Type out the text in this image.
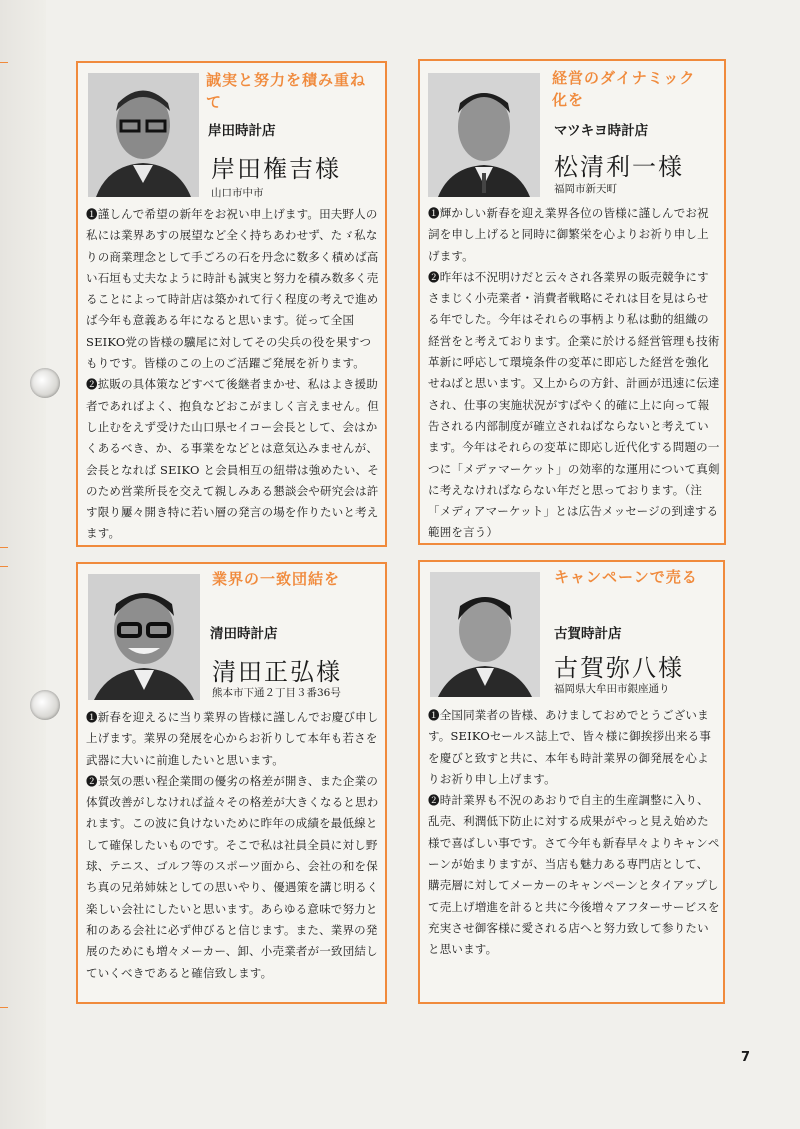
誠実と努力を積み重ね
て
岸田時計店
岸田権吉様
山口市中市

❶謹しんで希望の新年をお祝い申上げます。田夫野人の私には業界あすの展望など全く持ちあわせず、たゞ私なりの商業理念として手ごろの石を丹念に数多く積めば高い石垣も丈夫なように時計も誠実と努力を積み数多く売ることによって時計店は築かれて行く程度の考えで進めば今年も意義ある年になると思います。従って全国SEIKO党の皆様の驥尾に対してその尖兵の役を果すつもりです。皆様のこの上のご活躍ご発展を祈ります。

❷拡販の具体策などすべて後継者まかせ、私はよき援助者であればよく、抱負などおこがましく言えません。但し止むをえず受けた山口県セイコー会長として、会はかくあるべき、か、る事業をなどとは意気込みませんが、会長となれば SEIKO と会員相互の紐帯は強めたい、そのため営業所長を交えて親しみある懇談会や研究会は許す限り屢々開き特に若い層の発言の場を作りたいと考えます。

経営のダイナミック
化を
マツキヨ時計店
松清利一様
福岡市新天町

❶輝かしい新春を迎え業界各位の皆様に謹しんでお祝詞を申し上げると同時に御繁栄を心よりお祈り申し上げます。

❷昨年は不況明けだと云々され各業界の販売競争にすさまじく小売業者・消費者戦略にそれは目を見はらせる年でした。今年はそれらの事柄より私は動的組織の経営をと考えております。企業に於ける経営管理も技術革新に呼応して環境条件の変革に即応した経営を強化せねばと思います。又上からの方針、計画が迅速に伝達され、仕事の実施状況がすばやく的確に上に向って報告される内部制度が確立されねばならないと考えています。今年はそれらの変革に即応し近代化する問題の一つに「メデァマーケット」の効率的な運用について真剣に考えなければならない年だと思っております。（注「メディアマーケット」とは広告メッセージの到達する範囲を言う）

業界の一致団結を
清田時計店
清田正弘様
熊本市下通２丁目３番36号

❶新春を迎えるに当り業界の皆様に謹しんでお慶び申し上げます。業界の発展を心からお祈りして本年も若さを武器に大いに前進したいと思います。

❷景気の悪い程企業間の優劣の格差が開き、また企業の体質改善がしなければ益々その格差が大きくなると思われます。この波に負けないために昨年の成績を最低線として確保したいものです。そこで私は社員全員に対し野球、テニス、ゴルフ等のスポーツ面から、会社の和を保ち真の兄弟姉妹としての思いやり、優遇策を講じ明るく楽しい会社にしたいと思います。あらゆる意味で努力と和のある会社に必ず伸びると信じます。また、業界の発展のためにも増々メーカー、卸、小売業者が一致団結していくべきであると確信致します。

キャンペーンで売る
古賀時計店
古賀弥八様
福岡県大牟田市銀座通り

❶全国同業者の皆様、あけましておめでとうございます。SEIKOセールス誌上で、皆々様に御挨拶出来る事を慶びと致すと共に、本年も時計業界の御発展を心よりお祈り申し上げます。

❷時計業界も不況のあおりで自主的生産調整に入り、乱売、利潤低下防止に対する成果がやっと見え始めた様で喜ばしい事です。さて今年も新春早々よりキャンペーンが始まりますが、当店も魅力ある専門店として、購売層に対してメーカーのキャンペーンとタイアップして売上げ増進を計ると共に今後増々アフターサービスを充実させ御客様に愛される店へと努力致して参りたいと思います。

7
